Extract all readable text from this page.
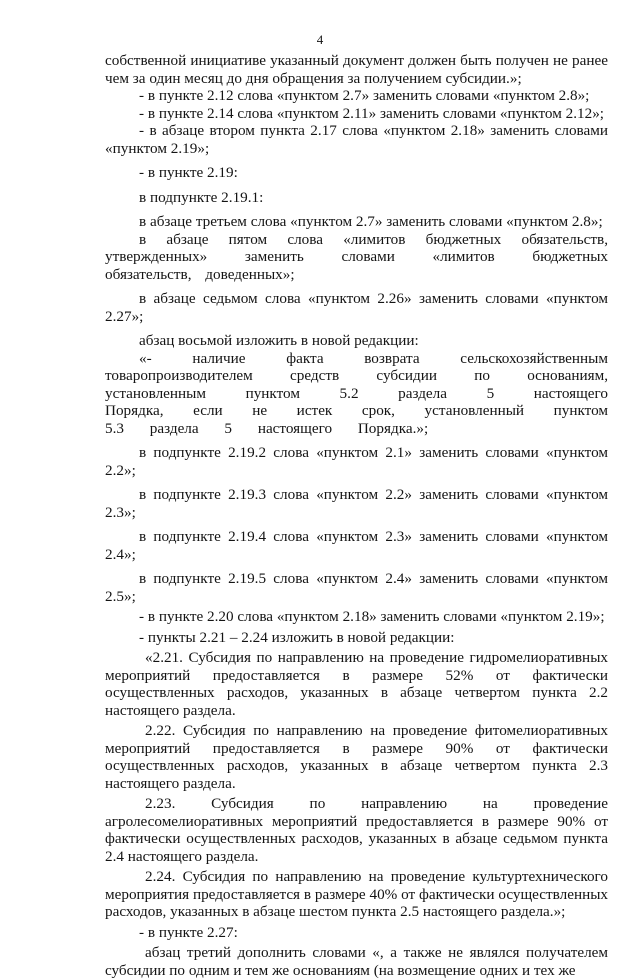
4
собственной инициативе указанный документ должен быть получен не ранее чем за один месяц до дня обращения за получением субсидии.»;
- в пункте 2.12 слова «пунктом 2.7» заменить словами «пунктом 2.8»;
- в пункте 2.14 слова «пунктом 2.11» заменить словами «пунктом 2.12»;
- в абзаце втором пункта 2.17 слова «пунктом 2.18» заменить словами «пунктом 2.19»;
- в пункте 2.19:
в подпункте 2.19.1:
в абзаце третьем слова «пунктом 2.7» заменить словами «пунктом 2.8»;
в абзаце пятом слова «лимитов бюджетных обязательств, утвержденных» заменить словами «лимитов бюджетных обязательств, доведенных»;
в абзаце седьмом слова «пунктом 2.26» заменить словами «пунктом 2.27»;
абзац восьмой изложить в новой редакции:
«- наличие факта возврата сельскохозяйственным товаропроизводителем средств субсидии по основаниям, установленным пунктом 5.2 раздела 5 настоящего Порядка, если не истек срок, установленный пунктом 5.3 раздела 5 настоящего Порядка.»;
в подпункте 2.19.2 слова «пунктом 2.1» заменить словами «пунктом 2.2»;
в подпункте 2.19.3 слова «пунктом 2.2» заменить словами «пунктом 2.3»;
в подпункте 2.19.4 слова «пунктом 2.3» заменить словами «пунктом 2.4»;
в подпункте 2.19.5 слова «пунктом 2.4» заменить словами «пунктом 2.5»;
- в пункте 2.20 слова «пунктом 2.18» заменить словами «пунктом 2.19»;
- пункты 2.21 – 2.24 изложить в новой редакции:
«2.21. Субсидия по направлению на проведение гидромелиоративных мероприятий предоставляется в размере 52% от фактически осуществленных расходов, указанных в абзаце четвертом пункта 2.2 настоящего раздела.
2.22. Субсидия по направлению на проведение фитомелиоративных мероприятий предоставляется в размере 90% от фактически осуществленных расходов, указанных в абзаце четвертом пункта 2.3 настоящего раздела.
2.23. Субсидия по направлению на проведение агролесомелиоративных мероприятий предоставляется в размере 90% от фактически осуществленных расходов, указанных в абзаце седьмом пункта 2.4 настоящего раздела.
2.24. Субсидия по направлению на проведение культуртехнического мероприятия предоставляется в размере 40% от фактически осуществленных расходов, указанных в абзаце шестом пункта 2.5 настоящего раздела.»;
- в пункте 2.27:
абзац третий дополнить словами «, а также не являлся получателем субсидии по одним и тем же основаниям (на возмещение одних и тех же
